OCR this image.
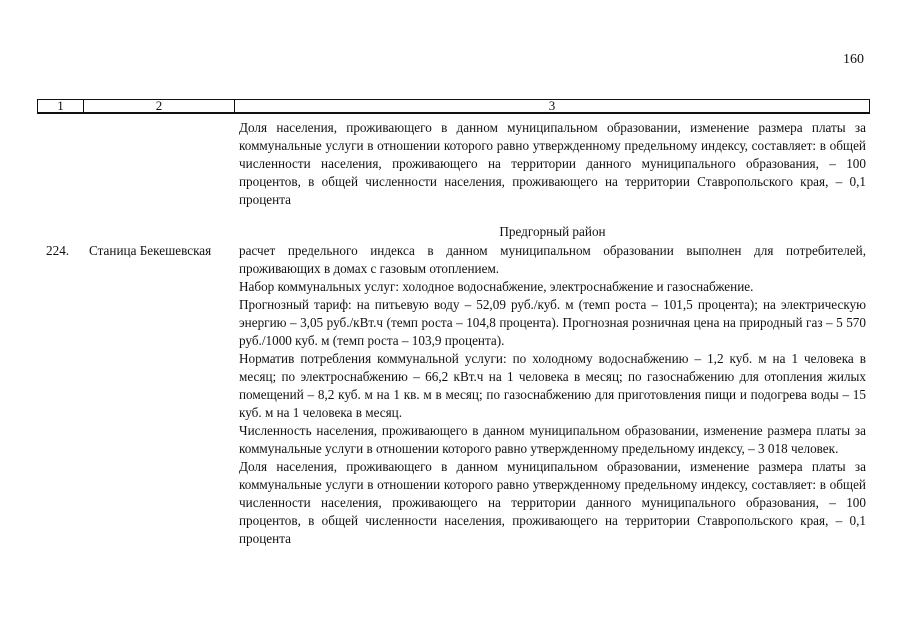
160
1	2	3

Доля населения, проживающего в данном муниципальном образовании, изменение размера платы за коммунальные услуги в отношении которого равно утвержденному предельному индексу, составляет: в общей численности населения, проживающего на территории данного муниципального образования, – 100 процентов, в общей численности населения, проживающего на территории Ставропольского края, – 0,1 процента

Предгорный район
224. Станица Бекешевская расчет предельного индекса в данном муниципальном образовании выполнен для потребителей, проживающих в домах с газовым отоплением.

Набор коммунальных услуг: холодное водоснабжение, электроснабжение и газоснабжение.

Прогнозный тариф: на питьевую воду – 52,09 руб./куб. м (темп роста – 101,5 процента); на электрическую энергию – 3,05 руб./кВт.ч (темп роста – 104,8 процента). Прогнозная розничная цена на природный газ – 5 570 руб./1000 куб. м (темп роста – 103,9 процента).

Норматив потребления коммунальной услуги: по холодному водоснабжению – 1,2 куб. м на 1 человека в месяц; по электроснабжению – 66,2 кВт.ч на 1 человека в месяц; по газоснабжению для отопления жилых помещений – 8,2 куб. м на 1 кв. м в месяц; по газоснабжению для приготовления пищи и подогрева воды – 15 куб. м на 1 человека в месяц.

Численность населения, проживающего в данном муниципальном образовании, изменение размера платы за коммунальные услуги в отношении которого равно утвержденному предельному индексу, – 3 018 человек.

Доля населения, проживающего в данном муниципальном образовании, изменение размера платы за коммунальные услуги в отношении которого равно утвержденному предельному индексу, составляет: в общей численности населения, проживающего на территории данного муниципального образования, – 100 процентов, в общей численности населения, проживающего на территории Ставропольского края, – 0,1 процента
